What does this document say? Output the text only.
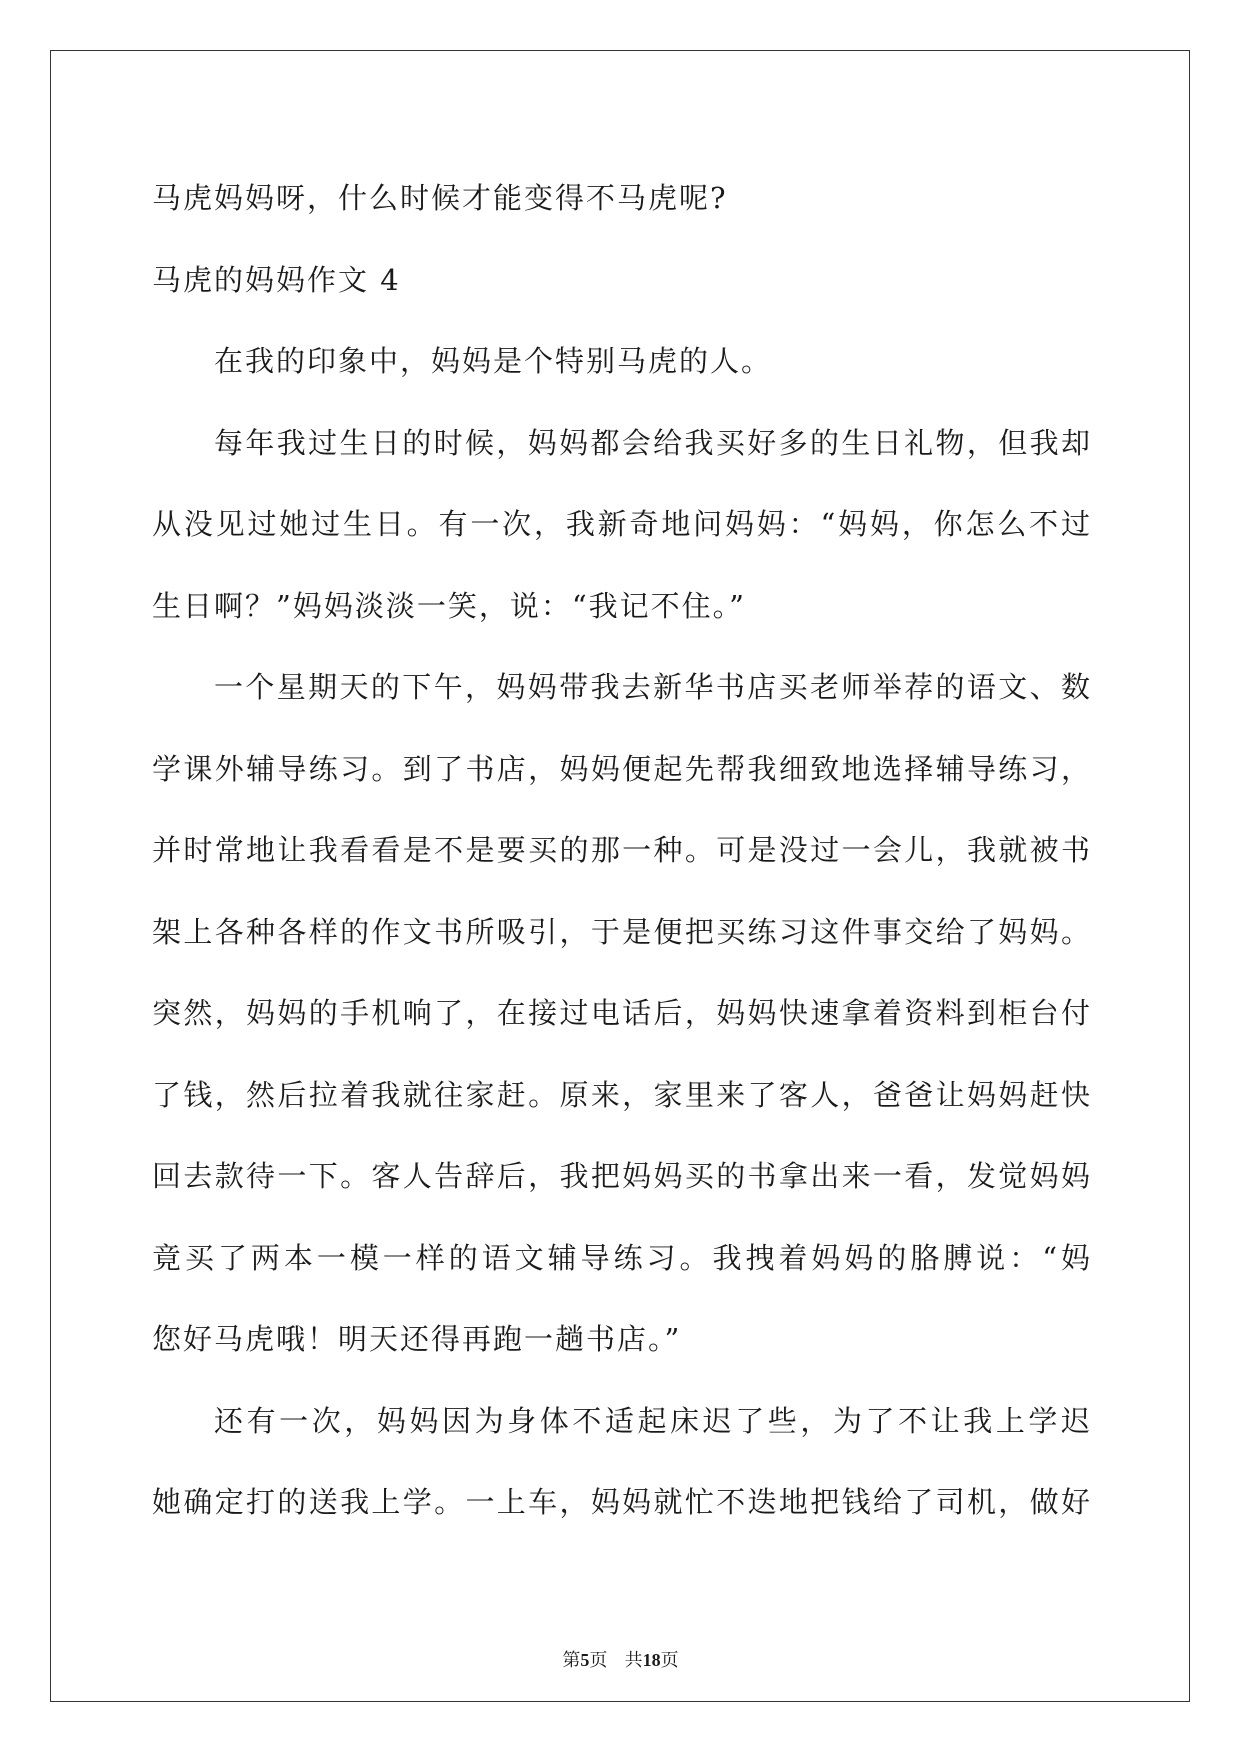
马虎妈妈呀，什么时候才能变得不马虎呢?
马虎的妈妈作文 4
在我的印象中，妈妈是个特别马虎的人。
每年我过生日的时候，妈妈都会给我买好多的生日礼物，但我却
从没见过她过生日。有一次，我新奇地问妈妈：“妈妈，你怎么不过
生日啊？”妈妈淡淡一笑，说：“我记不住。”
一个星期天的下午，妈妈带我去新华书店买老师举荐的语文、数
学课外辅导练习。到了书店，妈妈便起先帮我细致地选择辅导练习，
并时常地让我看看是不是要买的那一种。可是没过一会儿，我就被书
架上各种各样的作文书所吸引，于是便把买练习这件事交给了妈妈。
突然，妈妈的手机响了，在接过电话后，妈妈快速拿着资料到柜台付
了钱，然后拉着我就往家赶。原来，家里来了客人，爸爸让妈妈赶快
回去款待一下。客人告辞后，我把妈妈买的书拿出来一看，发觉妈妈
竟买了两本一模一样的语文辅导练习。我拽着妈妈的胳膊说：“妈
您好马虎哦！明天还得再跑一趟书店。”
还有一次，妈妈因为身体不适起床迟了些，为了不让我上学迟
她确定打的送我上学。一上车，妈妈就忙不迭地把钱给了司机，做好
第5页 共18页
